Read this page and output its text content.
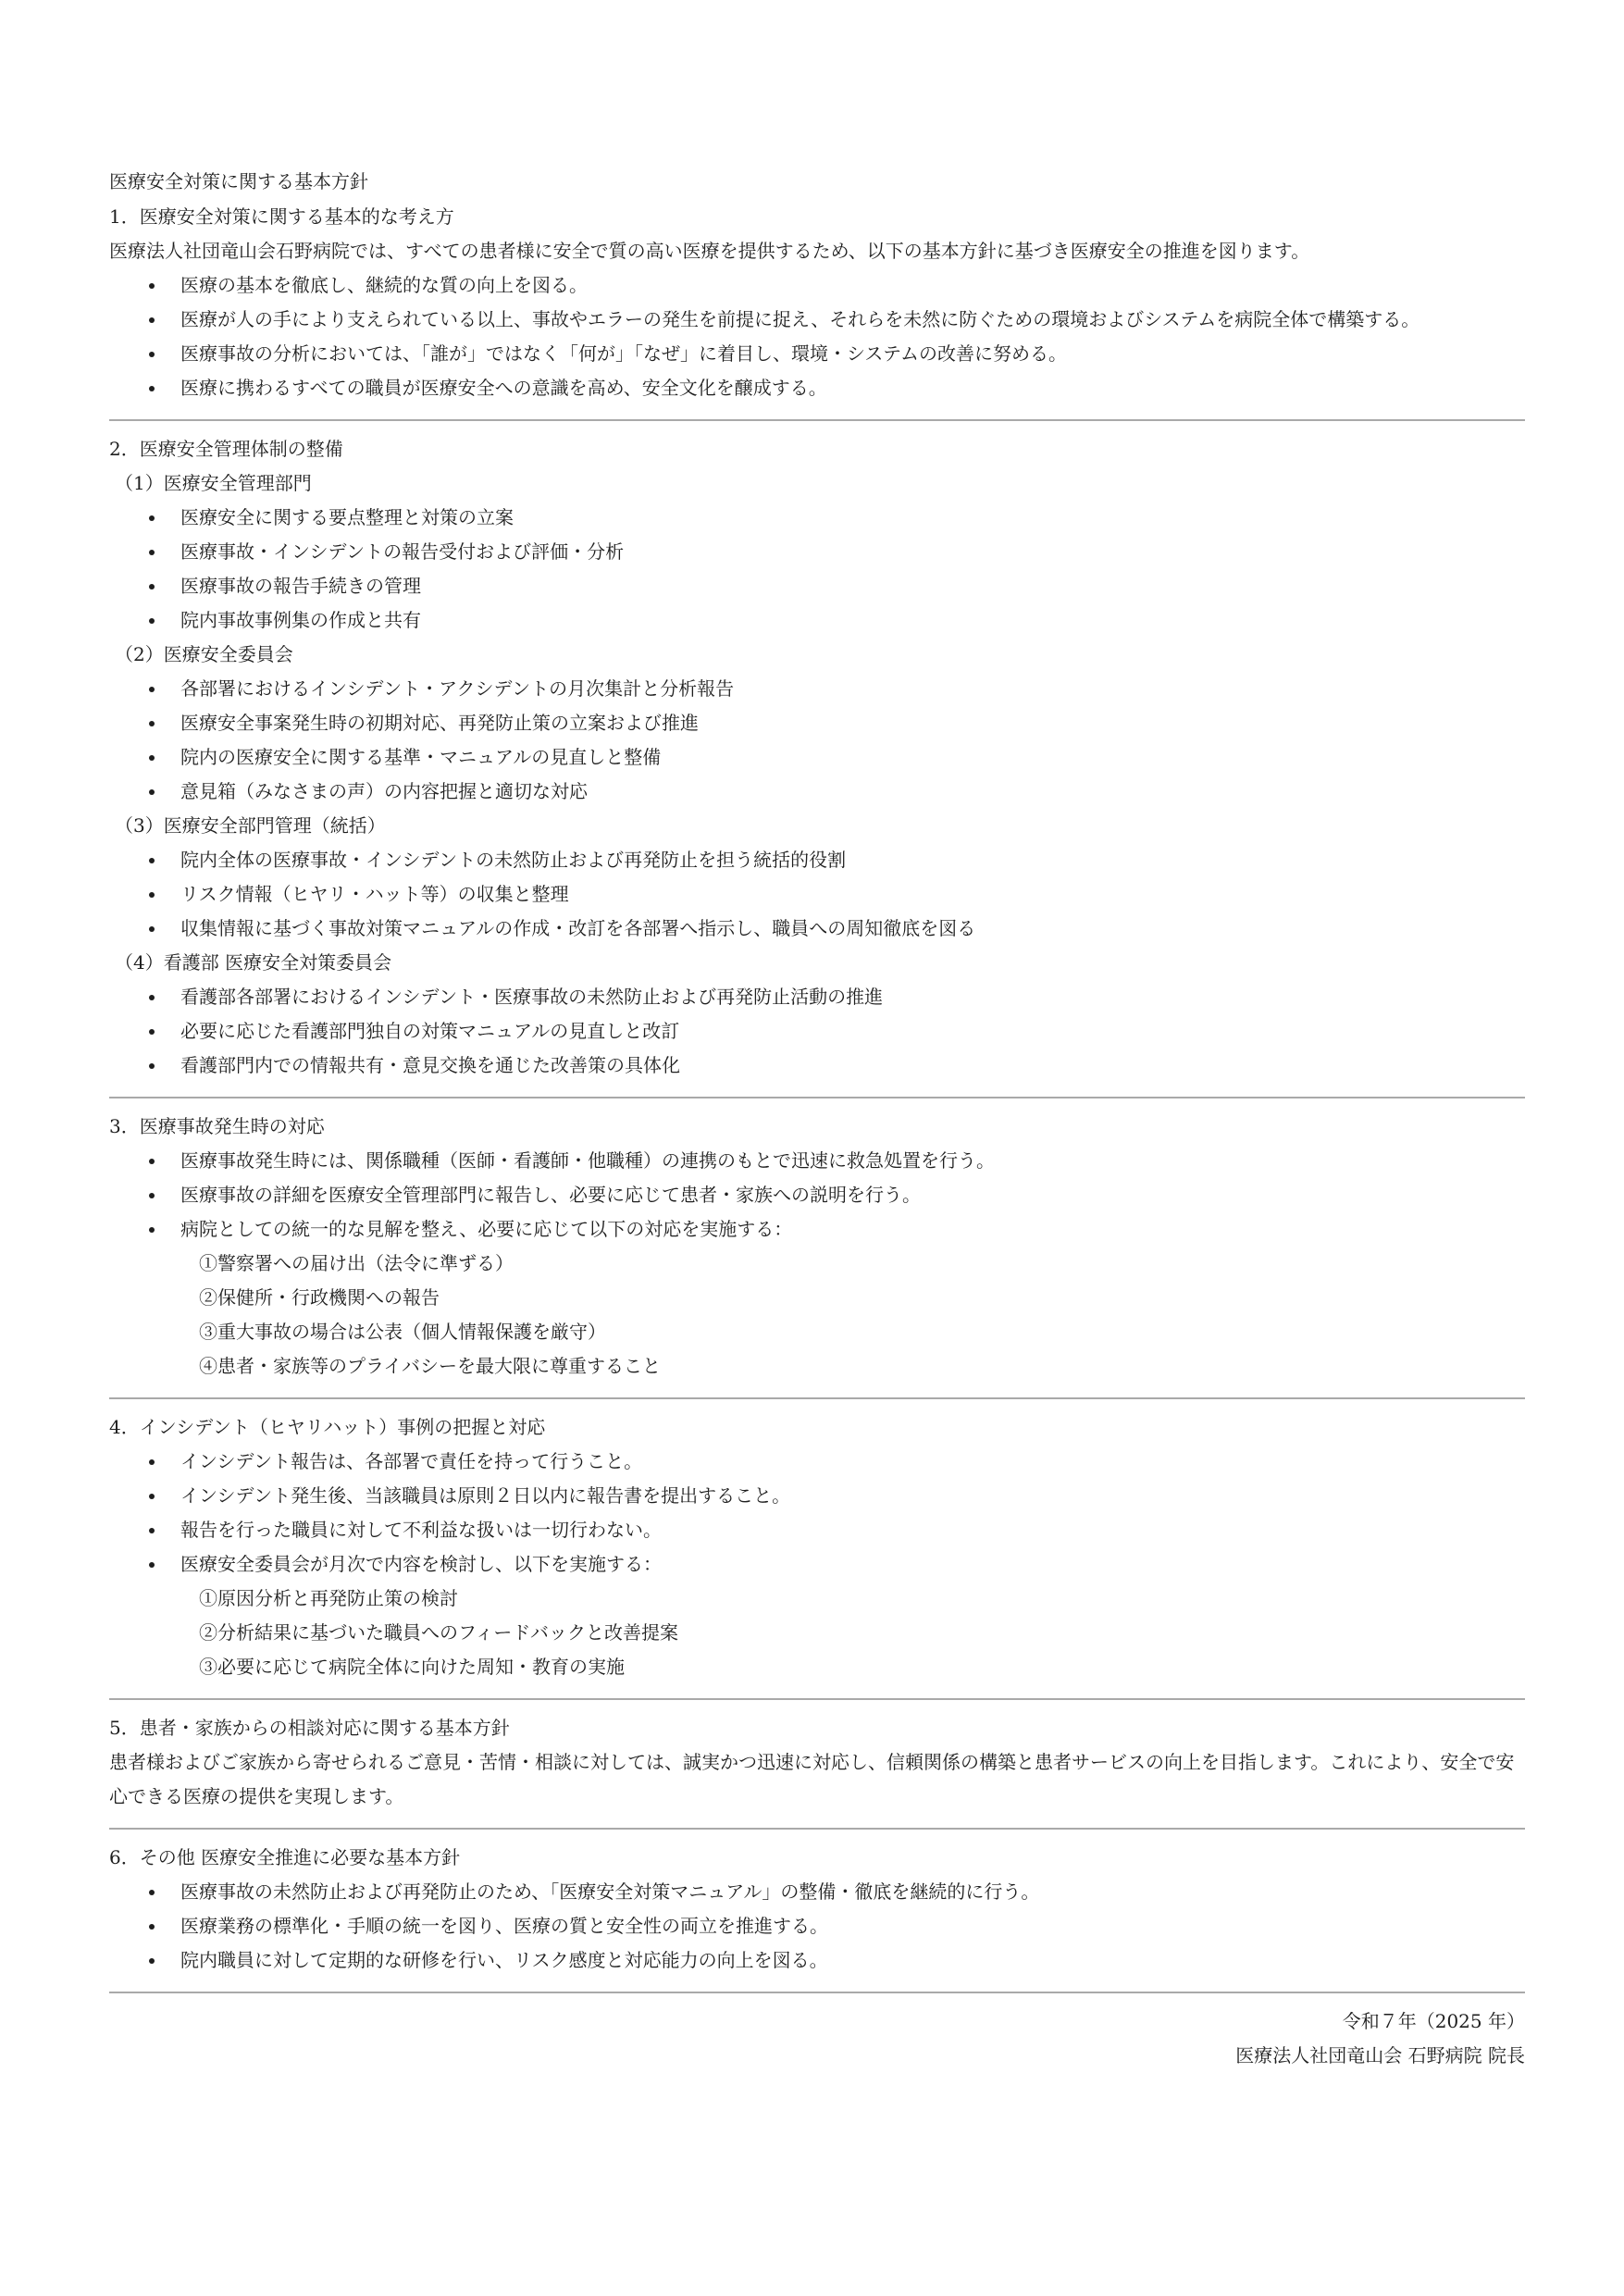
医療安全対策に関する基本方針

1．医療安全対策に関する基本的な考え方

医療法人社団竜山会石野病院では、すべての患者様に安全で質の高い医療を提供するため、以下の基本方針に基づき医療安全の推進を図ります。

医療の基本を徹底し、継続的な質の向上を図る。
医療が人の手により支えられている以上、事故やエラーの発生を前提に捉え、それらを未然に防ぐための環境およびシステムを病院全体で構築する。
医療事故の分析においては、「誰が」ではなく「何が」「なぜ」に着目し、環境・システムの改善に努める。
医療に携わるすべての職員が医療安全への意識を高め、安全文化を醸成する。

2．医療安全管理体制の整備

（1）医療安全管理部門

医療安全に関する要点整理と対策の立案
医療事故・インシデントの報告受付および評価・分析
医療事故の報告手続きの管理
院内事故事例集の作成と共有

（2）医療安全委員会

各部署におけるインシデント・アクシデントの月次集計と分析報告
医療安全事案発生時の初期対応、再発防止策の立案および推進
院内の医療安全に関する基準・マニュアルの見直しと整備
意見箱（みなさまの声）の内容把握と適切な対応

（3）医療安全部門管理（統括）

院内全体の医療事故・インシデントの未然防止および再発防止を担う統括的役割
リスク情報（ヒヤリ・ハット等）の収集と整理
収集情報に基づく事故対策マニュアルの作成・改訂を各部署へ指示し、職員への周知徹底を図る

（4）看護部 医療安全対策委員会

看護部各部署におけるインシデント・医療事故の未然防止および再発防止活動の推進
必要に応じた看護部門独自の対策マニュアルの見直しと改訂
看護部門内での情報共有・意見交換を通じた改善策の具体化

3．医療事故発生時の対応

医療事故発生時には、関係職種（医師・看護師・他職種）の連携のもとで迅速に救急処置を行う。
医療事故の詳細を医療安全管理部門に報告し、必要に応じて患者・家族への説明を行う。
病院としての統一的な見解を整え、必要に応じて以下の対応を実施する：
①警察署への届け出（法令に準ずる）
②保健所・行政機関への報告
③重大事故の場合は公表（個人情報保護を厳守）
④患者・家族等のプライバシーを最大限に尊重すること

4．インシデント（ヒヤリハット）事例の把握と対応

インシデント報告は、各部署で責任を持って行うこと。
インシデント発生後、当該職員は原則２日以内に報告書を提出すること。
報告を行った職員に対して不利益な扱いは一切行わない。
医療安全委員会が月次で内容を検討し、以下を実施する：
①原因分析と再発防止策の検討
②分析結果に基づいた職員へのフィードバックと改善提案
③必要に応じて病院全体に向けた周知・教育の実施

5．患者・家族からの相談対応に関する基本方針

患者様およびご家族から寄せられるご意見・苦情・相談に対しては、誠実かつ迅速に対応し、信頼関係の構築と患者サービスの向上を目指します。これにより、安全で安心できる医療の提供を実現します。

6．その他 医療安全推進に必要な基本方針

医療事故の未然防止および再発防止のため、「医療安全対策マニュアル」の整備・徹底を継続的に行う。
医療業務の標準化・手順の統一を図り、医療の質と安全性の両立を推進する。
院内職員に対して定期的な研修を行い、リスク感度と対応能力の向上を図る。

令和７年（2025 年）

医療法人社団竜山会 石野病院 院長
